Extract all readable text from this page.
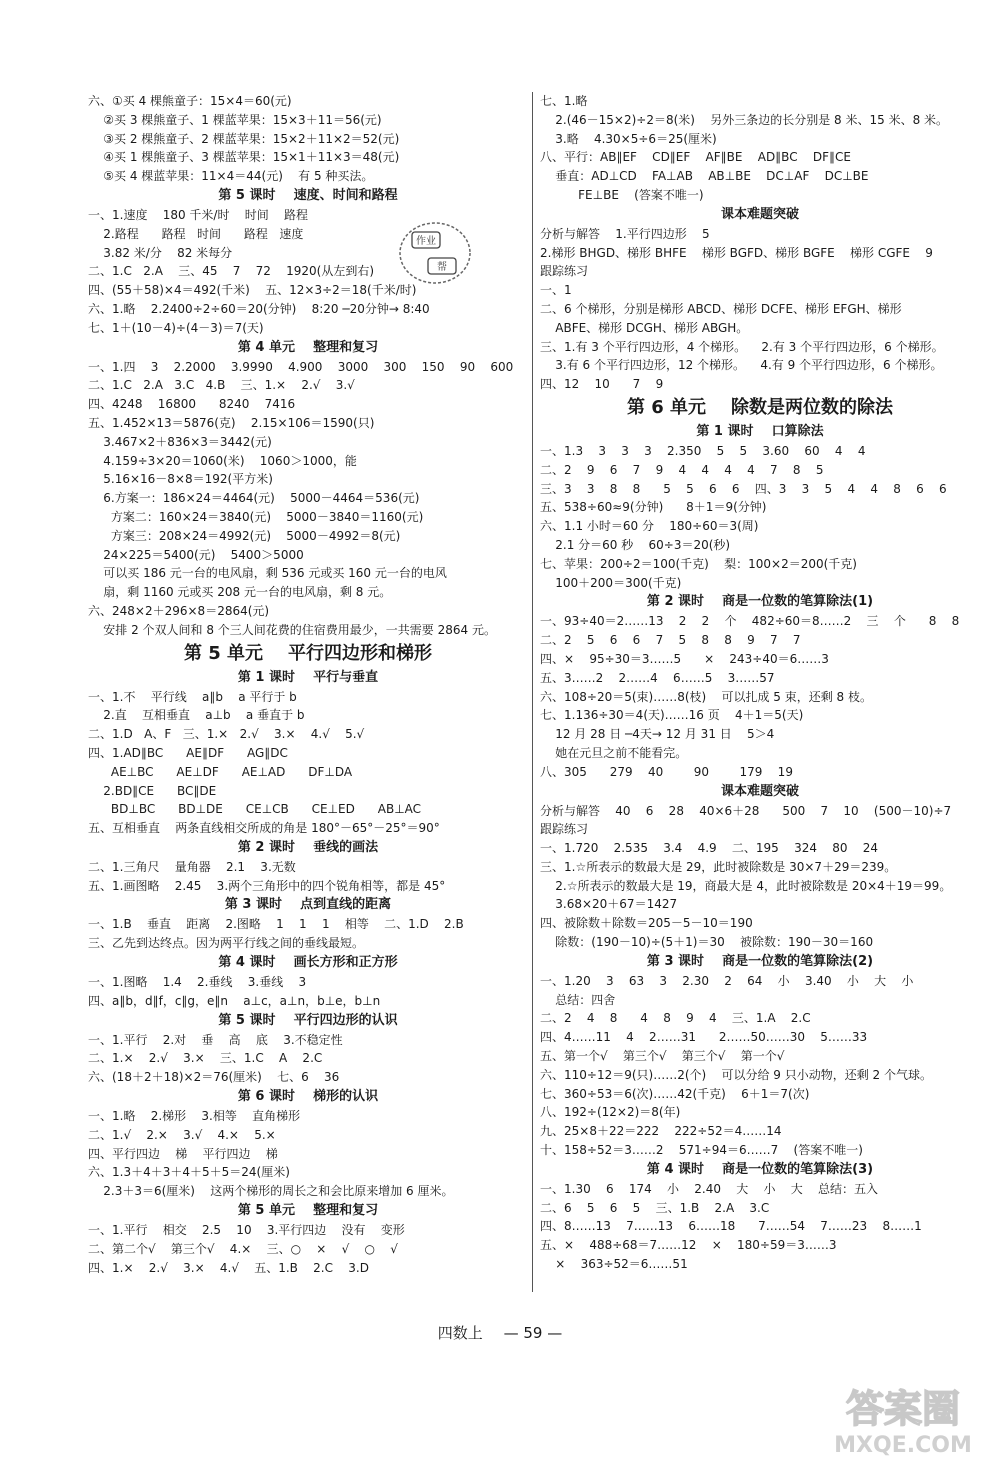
六、①买 4 棵熊童子：15×4＝60(元)
②买 3 棵熊童子、1 棵蓝苹果：15×3＋11＝56(元)
③买 2 棵熊童子、2 棵蓝苹果：15×2＋11×2＝52(元)
④买 1 棵熊童子、3 棵蓝苹果：15×1＋11×3＝48(元)
⑤买 4 棵蓝苹果：11×4＝44(元)    有 5 种买法。
第 5 课时    速度、时间和路程
一、1.速度    180 千米/时    时间    路程
2.路程      路程   时间      路程   速度
3.82 米/分    82 米每分
二、1.C   2.A    三、45    7    72    1920(从左到右)
四、(55＋58)×4＝492(千米)    五、12×3÷2＝18(千米/时)
六、1.略    2.2400÷2÷60＝20(分钟)    8:20 ─20分钟→ 8:40
七、1＋(10－4)÷(4－3)＝7(天)
第 4 单元    整理和复习
一、1.四    3    2.2000    3.9990    4.900    3000    300    150    90    600
二、1.C   2.A   3.C   4.B    三、1.×    2.√    3.√
四、4248    16800      8240    7416
五、1.452×13＝5876(克)    2.15×106＝1590(只)
3.467×2＋836×3＝3442(元)
4.159÷3×20＝1060(米)    1060＞1000，能
5.16×16－8×8＝192(平方米)
6.方案一：186×24＝4464(元)    5000－4464＝536(元)
方案二：160×24＝3840(元)    5000－3840＝1160(元)
方案三：208×24＝4992(元)    5000－4992＝8(元)
24×225＝5400(元)    5400＞5000
可以买 186 元一台的电风扇，剩 536 元或买 160 元一台的电风
扇，剩 1160 元或买 208 元一台的电风扇，剩 8 元。
六、248×2＋296×8＝2864(元)
安排 2 个双人间和 8 个三人间花费的住宿费用最少，一共需要 2864 元。
第 5 单元    平行四边形和梯形
第 1 课时    平行与垂直
一、1.不    平行线    a∥b    a 平行于 b
2.直    互相垂直    a⊥b    a 垂直于 b
二、1.D   A、F   三、1.×   2.√    3.×    4.√    5.√
四、1.AD∥BC      AE∥DF      AG∥DC
AE⊥BC      AE⊥DF      AE⊥AD      DF⊥DA
2.BD∥CE      BC∥DE
BD⊥BC      BD⊥DE      CE⊥CB      CE⊥ED      AB⊥AC
五、互相垂直    两条直线相交所成的角是 180°－65°－25°＝90°
第 2 课时    垂线的画法
二、1.三角尺    量角器    2.1    3.无数
五、1.画图略    2.45    3.两个三角形中的四个锐角相等，都是 45°
第 3 课时    点到直线的距离
一、1.B    垂直    距离    2.图略    1    1    1    相等    二、1.D    2.B
三、乙先到达终点。因为两平行线之间的垂线最短。
第 4 课时    画长方形和正方形
一、1.图略    1.4    2.垂线    3.垂线    3
四、a∥b，d∥f，c∥g，e∥n    a⊥c，a⊥n，b⊥e，b⊥n
第 5 课时    平行四边形的认识
一、1.平行    2.对    垂    高    底    3.不稳定性
二、1.×    2.√    3.×    三、1.C    A    2.C
六、(18＋2＋18)×2＝76(厘米)    七、6    36
第 6 课时    梯形的认识
一、1.略    2.梯形    3.相等    直角梯形
二、1.√    2.×    3.√    4.×    5.×
四、平行四边    梯    平行四边    梯
六、1.3＋4＋3＋4＋5＋5＝24(厘米)
2.3＋3＝6(厘米)    这两个梯形的周长之和会比原来增加 6 厘米。
第 5 单元    整理和复习
一、1.平行    相交    2.5    10    3.平行四边    没有    变形
二、第二个√    第三个√    4.×    三、○    ×    √    ○    √
四、1.×    2.√    3.×    4.√    五、1.B    2.C    3.D
七、1.略
2.(46－15×2)÷2＝8(米)    另外三条边的长分别是 8 米、15 米、8 米。
3.略    4.30×5÷6＝25(厘米)
八、平行：AB∥EF    CD∥EF    AF∥BE    AD∥BC    DF∥CE
垂直：AD⊥CD    FA⊥AB    AB⊥BE    DC⊥AF    DC⊥BE
FE⊥BE    (答案不唯一)
课本难题突破
分析与解答    1.平行四边形    5
2.梯形 BHGD、梯形 BHFE    梯形 BGFD、梯形 BGFE    梯形 CGFE    9
跟踪练习
一、1
二、6 个梯形，分别是梯形 ABCD、梯形 DCFE、梯形 EFGH、梯形
ABFE、梯形 DCGH、梯形 ABGH。
三、1.有 3 个平行四边形，4 个梯形。    2.有 3 个平行四边形，6 个梯形。
3.有 6 个平行四边形，12 个梯形。    4.有 9 个平行四边形，6 个梯形。
四、12    10      7    9
第 6 单元    除数是两位数的除法
第 1 课时    口算除法
一、1.3    3    3    3    2.350    5    5    3.60    60    4    4
二、2    9    6    7    9    4    4    4    4    7    8    5
三、3    3    8    8      5    5    6    6    四、3    3    5    4    4    8    6    6
五、538÷60≈9(分钟)      8＋1＝9(分钟)
六、1.1 小时＝60 分    180÷60＝3(周)
2.1 分＝60 秒    60÷3＝20(秒)
七、苹果：200÷2＝100(千克)    梨：100×2＝200(千克)
100＋200＝300(千克)
第 2 课时    商是一位数的笔算除法(1)
一、93÷40＝2……13    2    2    个    482÷60＝8……2    三    个      8    8
二、2    5    6    6    7    5    8    8    9    7    7
四、×    95÷30＝3……5      ×    243÷40＝6……3
五、3……2    2……4    6……5    3……57
六、108÷20＝5(束)……8(枝)    可以扎成 5 束，还剩 8 枝。
七、1.136÷30＝4(天)……16 页    4＋1＝5(天)
12 月 28 日 ─4天→ 12 月 31 日    5＞4
她在元旦之前不能看完。
八、305      279    40        90        179    19
课本难题突破
分析与解答    40    6    28    40×6＋28      500    7    10    (500－10)÷7
跟踪练习
一、1.720    2.535    3.4    4.9    二、195    324    80    24
三、1.☆所表示的数最大是 29，此时被除数是 30×7＋29＝239。
2.☆所表示的数最大是 19，商最大是 4，此时被除数是 20×4＋19＝99。
3.68×20＋67＝1427
四、被除数＋除数＝205－5－10＝190
除数：(190－10)÷(5＋1)＝30    被除数：190－30＝160
第 3 课时    商是一位数的笔算除法(2)
一、1.20    3    63    3    2.30    2    64    小    3.40    小    大    小
总结：四舍
二、2    4    8      4    8    9    4    三、1.A    2.C
四、4……11    4    2……31      2……50……30    5……33
五、第一个√    第三个√    第三个√    第一个√
六、110÷12＝9(只)……2(个)    可以分给 9 只小动物，还剩 2 个气球。
七、360÷53＝6(次)……42(千克)    6＋1＝7(次)
八、192÷(12×2)＝8(年)
九、25×8＋22＝222    222÷52＝4……14
十、158÷52＝3……2    571÷94＝6……7    (答案不唯一)
第 4 课时    商是一位数的笔算除法(3)
一、1.30    6    174    小    2.40    大    小    大    总结：五入
二、6    5    6    5    三、1.B    2.A    3.C
四、8……13    7……13    6……18      7……54    7……23    8……1
五、×    488÷68＝7……12    ×    180÷59＝3……3
×    363÷52＝6……51
作业
帮
四数上 — 59 —
答案圈
MXQE.COM
